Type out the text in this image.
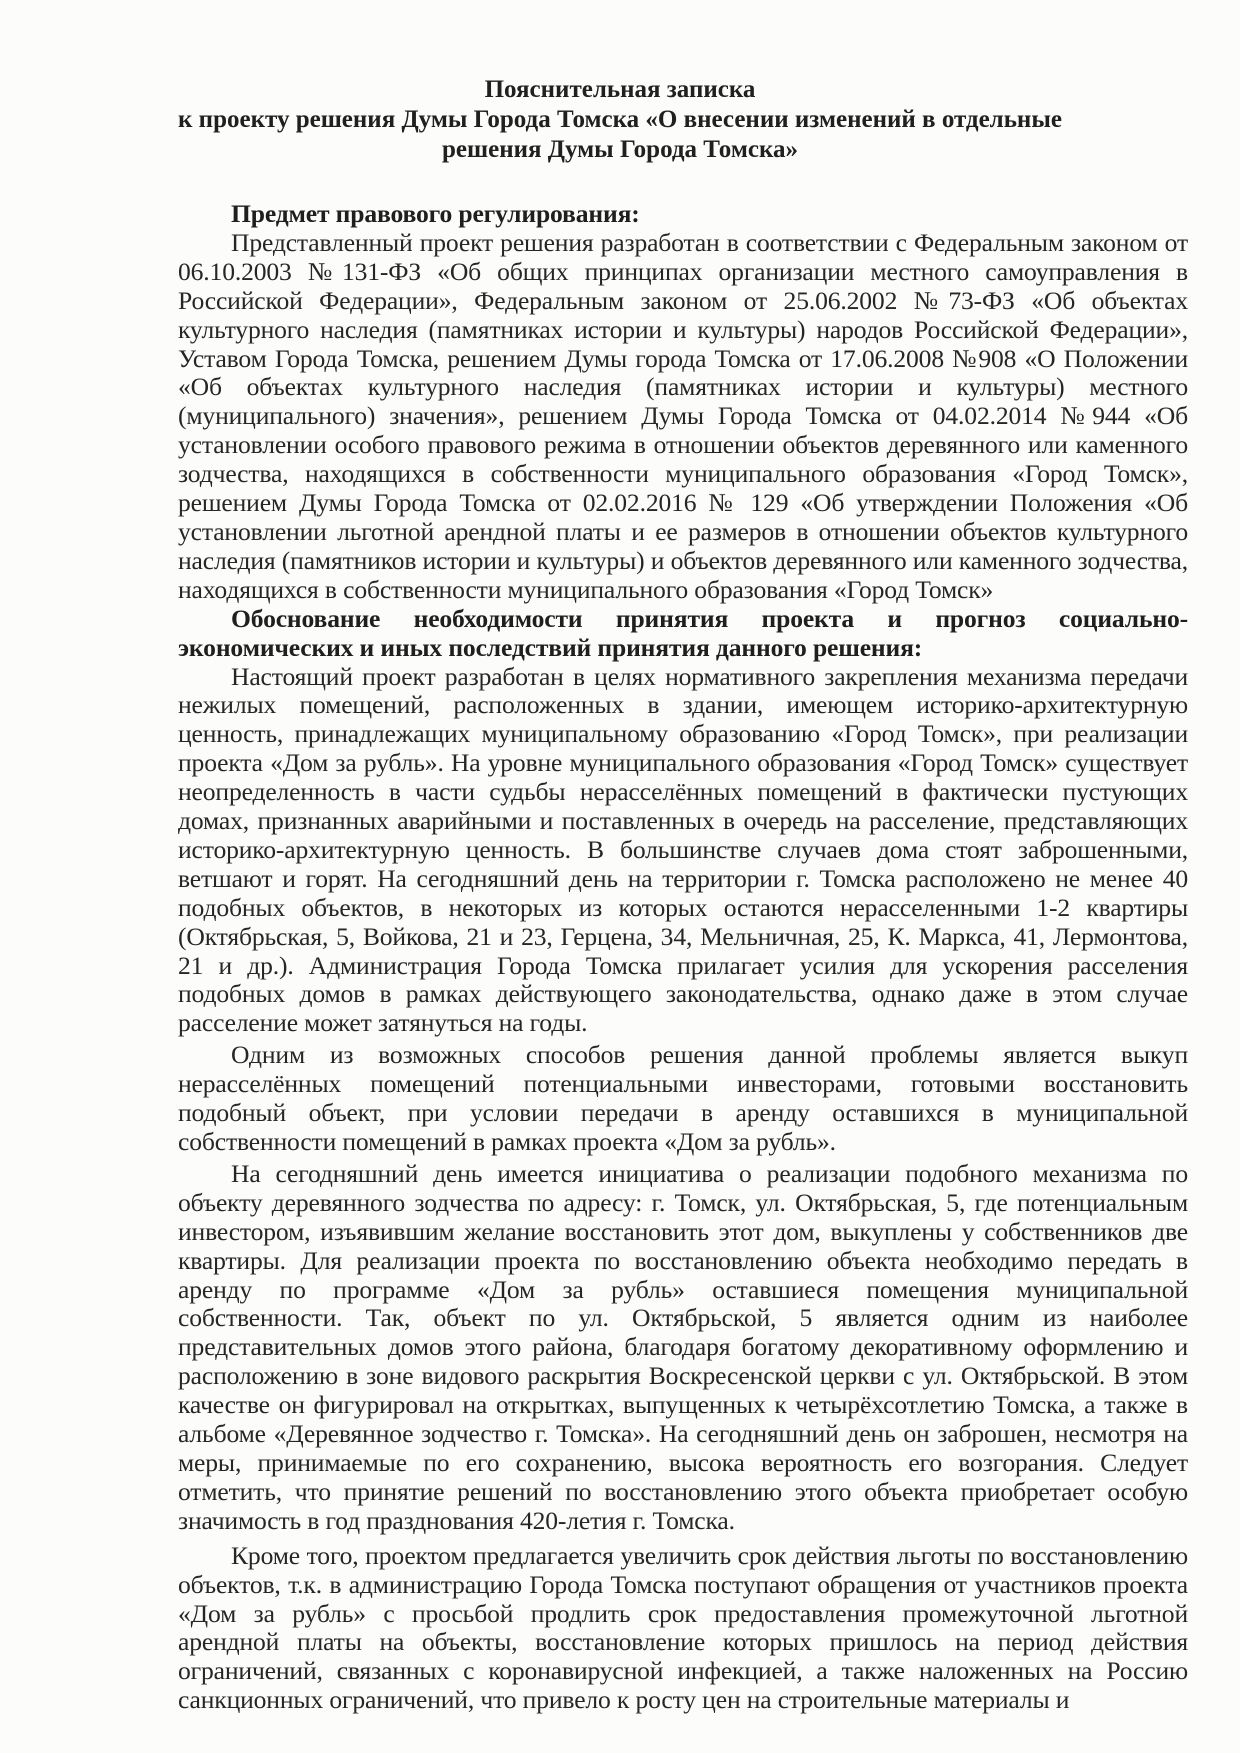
Пояснительная записка
к проекту решения Думы Города Томска «О внесении изменений в отдельные
решения Думы Города Томска»

Предмет правового регулирования:

Представленный проект решения разработан в соответствии с Федеральным законом от 06.10.2003 №131-ФЗ «Об общих принципах организации местного самоуправления в Российской Федерации», Федеральным законом от 25.06.2002 №73-ФЗ «Об объектах культурного наследия (памятниках истории и культуры) народов Российской Федерации», Уставом Города Томска, решением Думы города Томска от 17.06.2008 №908 «О Положении «Об объектах культурного наследия (памятниках истории и культуры) местного (муниципального) значения», решением Думы Города Томска от 04.02.2014 №944 «Об установлении особого правового режима в отношении объектов деревянного или каменного зодчества, находящихся в собственности муниципального образования «Город Томск», решением Думы Города Томска от 02.02.2016 № 129 «Об утверждении Положения «Об установлении льготной арендной платы и ее размеров в отношении объектов культурного наследия (памятников истории и культуры) и объектов деревянного или каменного зодчества, находящихся в собственности муниципального образования «Город Томск»

Обоснование необходимости принятия проекта и прогноз социально-экономических и иных последствий принятия данного решения:

Настоящий проект разработан в целях нормативного закрепления механизма передачи нежилых помещений, расположенных в здании, имеющем историко-архитектурную ценность, принадлежащих муниципальному образованию «Город Томск», при реализации проекта «Дом за рубль». На уровне муниципального образования «Город Томск» существует неопределенность в части судьбы нерасселённых помещений в фактически пустующих домах, признанных аварийными и поставленных в очередь на расселение, представляющих историко-архитектурную ценность. В большинстве случаев дома стоят заброшенными, ветшают и горят. На сегодняшний день на территории г. Томска расположено не менее 40 подобных объектов, в некоторых из которых остаются нерасселенными 1-2 квартиры (Октябрьская, 5, Войкова, 21 и 23, Герцена, 34, Мельничная, 25, К. Маркса, 41, Лермонтова, 21 и др.). Администрация Города Томска прилагает усилия для ускорения расселения подобных домов в рамках действующего законодательства, однако даже в этом случае расселение может затянуться на годы.

Одним из возможных способов решения данной проблемы является выкуп нерасселённых помещений потенциальными инвесторами, готовыми восстановить подобный объект, при условии передачи в аренду оставшихся в муниципальной собственности помещений в рамках проекта «Дом за рубль».

На сегодняшний день имеется инициатива о реализации подобного механизма по объекту деревянного зодчества по адресу: г. Томск, ул. Октябрьская, 5, где потенциальным инвестором, изъявившим желание восстановить этот дом, выкуплены у собственников две квартиры. Для реализации проекта по восстановлению объекта необходимо передать в аренду по программе «Дом за рубль» оставшиеся помещения муниципальной собственности. Так, объект по ул. Октябрьской, 5 является одним из наиболее представительных домов этого района, благодаря богатому декоративному оформлению и расположению в зоне видового раскрытия Воскресенской церкви с ул. Октябрьской. В этом качестве он фигурировал на открытках, выпущенных к четырёхсотлетию Томска, а также в альбоме «Деревянное зодчество г. Томска». На сегодняшний день он заброшен, несмотря на меры, принимаемые по его сохранению, высока вероятность его возгорания. Следует отметить, что принятие решений по восстановлению этого объекта приобретает особую значимость в год празднования 420-летия г. Томска.

Кроме того, проектом предлагается увеличить срок действия льготы по восстановлению объектов, т.к. в администрацию Города Томска поступают обращения от участников проекта «Дом за рубль» с просьбой продлить срок предоставления промежуточной льготной арендной платы на объекты, восстановление которых пришлось на период действия ограничений, связанных с коронавирусной инфекцией, а также наложенных на Россию санкционных ограничений, что привело к росту цен на строительные материалы и
